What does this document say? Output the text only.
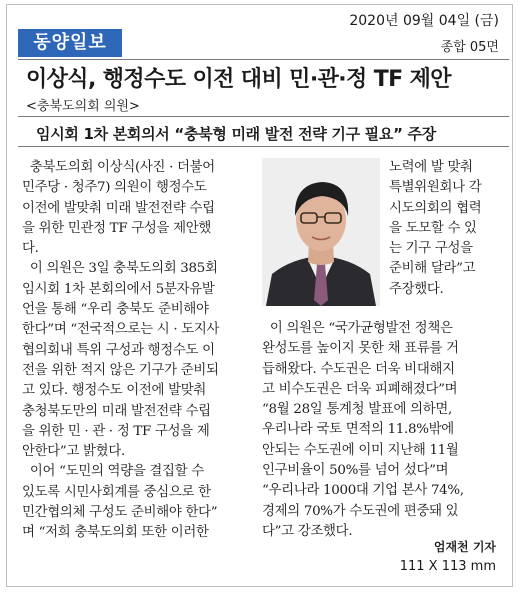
동양일보
2020년 09월 04일 (금)
종합 05면
이상식, 행정수도 이전 대비 민·관·정 TF 제안
<충북도의회 의원>
임시회 1차 본회의서 “충북형 미래 발전 전략 기구 필요” 주장

충북도의회 이상식(사진 · 더불어

민주당 · 청주7) 의원이 행정수도

이전에 발맞춰 미래 발전전략 수립

을 위한 민관정 TF 구성을 제안했

다.

이 의원은 3일 충북도의회 385회

임시회 1차 본회의에서 5분자유발

언을 통해 “우리 충북도 준비해야

한다”며 “전국적으로는 시 · 도지사

협의회내 특위 구성과 행정수도 이

전을 위한 적지 않은 기구가 준비되

고 있다. 행정수도 이전에 발맞춰

충청북도만의 미래 발전전략 수립

을 위한 민 · 관 · 정 TF 구성을 제

안한다”고 밝혔다.

이어 “도민의 역량을 결집할 수

있도록 시민사회계를 중심으로 한

민간협의체 구성도 준비해야 한다”

며 “저희 충북도의회 또한 이러한

노력에 발 맞춰

특별위원회나 각

시도의회의 협력

을 도모할 수 있

는 기구 구성을

준비해 달라”고

주장했다.

이 의원은 “국가균형발전 정책은

완성도를 높이지 못한 채 표류를 거

듭해왔다. 수도권은 더욱 비대해지

고 비수도권은 더욱 피폐해졌다”며

“8월 28일 통계청 발표에 의하면,

우리나라 국토 면적의 11.8%밖에

안되는 수도권에 이미 지난해 11월

인구비율이 50%를 넘어 섰다”며

“우리나라 1000대 기업 본사 74%,

경제의 70%가 수도권에 편중돼 있

다”고 강조했다.

엄재천 기자
111 X 113 mm
